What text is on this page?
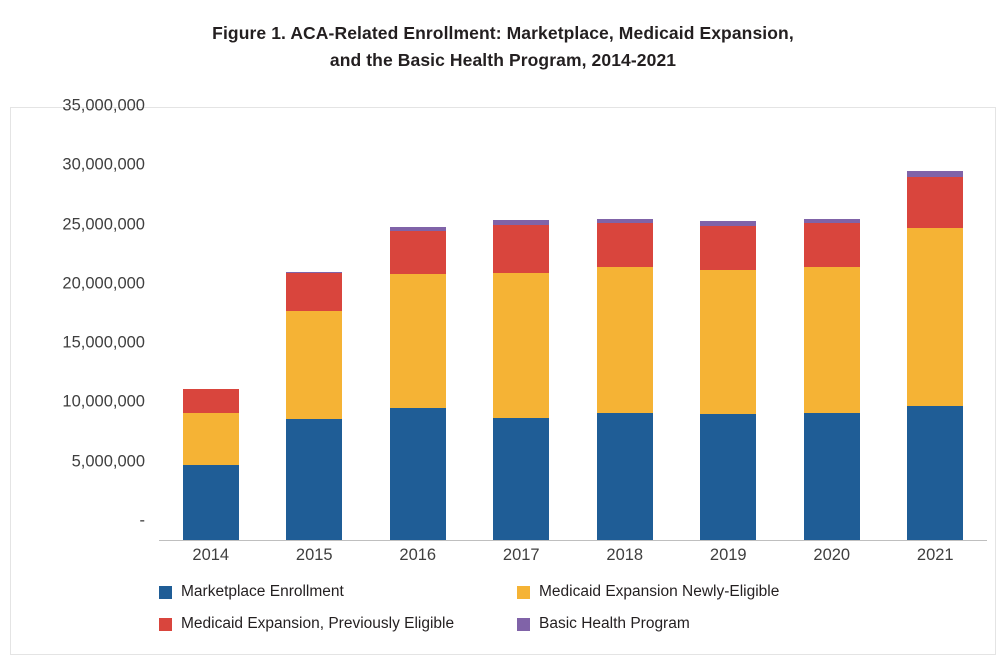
Figure 1. ACA-Related Enrollment: Marketplace, Medicaid Expansion,
and the Basic Health Program, 2014-2021
-
5,000,000
10,000,000
15,000,000
20,000,000
25,000,000
30,000,000
35,000,000
2014	2015	2016	2017	2018	2019	2020	2021
Marketplace Enrollment	Medicaid Expansion Newly-Eligible
Medicaid Expansion, Previously Eligible	Basic Health Program
